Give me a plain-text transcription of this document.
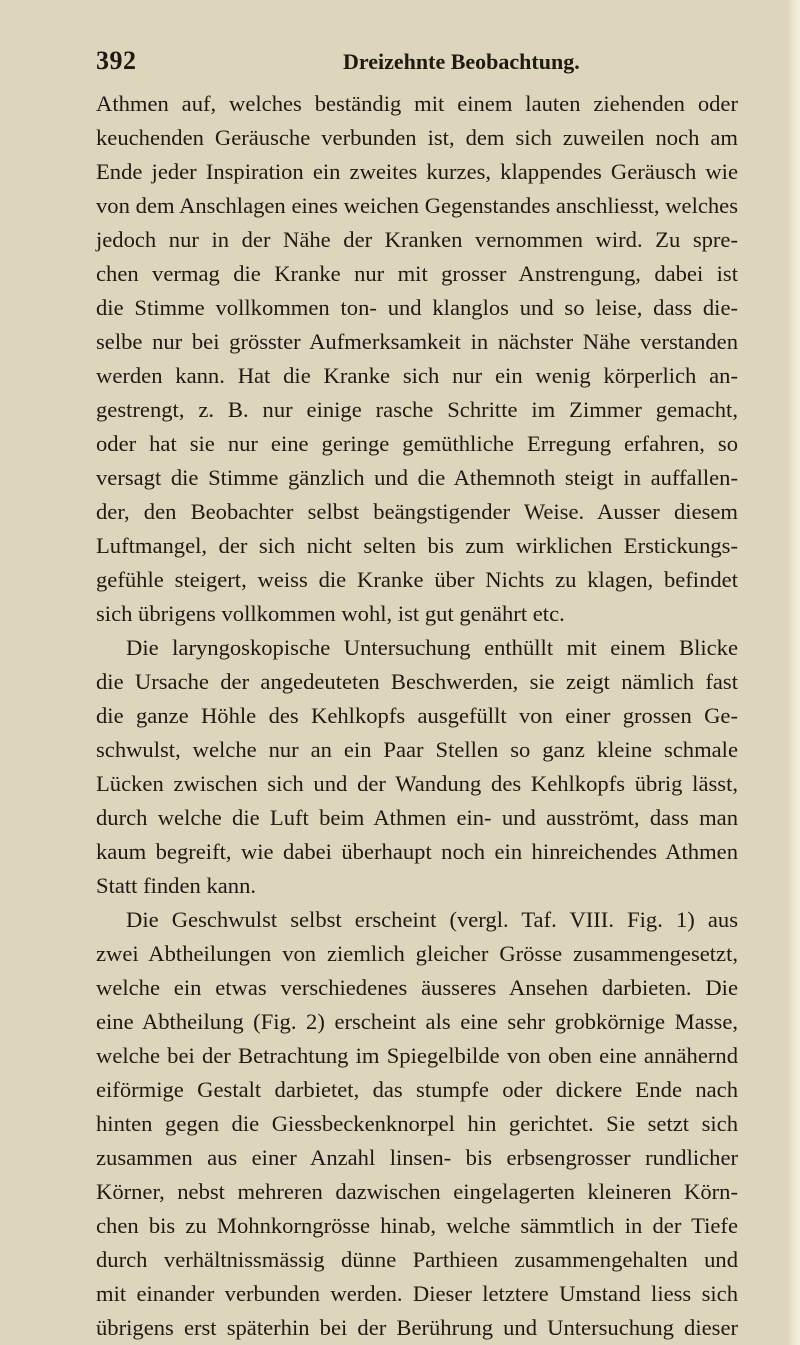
392	Dreizehnte Beobachtung.
Athmen auf, welches beständig mit einem lauten ziehenden oder
keuchenden Geräusche verbunden ist, dem sich zuweilen noch am
Ende jeder Inspiration ein zweites kurzes, klappendes Geräusch wie
von dem Anschlagen eines weichen Gegenstandes anschliesst, welches
jedoch nur in der Nähe der Kranken vernommen wird. Zu spre-
chen vermag die Kranke nur mit grosser Anstrengung, dabei ist
die Stimme vollkommen ton- und klanglos und so leise, dass die-
selbe nur bei grösster Aufmerksamkeit in nächster Nähe verstanden
werden kann. Hat die Kranke sich nur ein wenig körperlich an-
gestrengt, z. B. nur einige rasche Schritte im Zimmer gemacht,
oder hat sie nur eine geringe gemüthliche Erregung erfahren, so
versagt die Stimme gänzlich und die Athemnoth steigt in auffallen-
der, den Beobachter selbst beängstigender Weise. Ausser diesem
Luftmangel, der sich nicht selten bis zum wirklichen Erstickungs-
gefühle steigert, weiss die Kranke über Nichts zu klagen, befindet
sich übrigens vollkommen wohl, ist gut genährt etc.
Die laryngoskopische Untersuchung enthüllt mit einem Blicke
die Ursache der angedeuteten Beschwerden, sie zeigt nämlich fast
die ganze Höhle des Kehlkopfs ausgefüllt von einer grossen Ge-
schwulst, welche nur an ein Paar Stellen so ganz kleine schmale
Lücken zwischen sich und der Wandung des Kehlkopfs übrig lässt,
durch welche die Luft beim Athmen ein- und ausströmt, dass man
kaum begreift, wie dabei überhaupt noch ein hinreichendes Athmen
Statt finden kann.
Die Geschwulst selbst erscheint (vergl. Taf. VIII. Fig. 1) aus
zwei Abtheilungen von ziemlich gleicher Grösse zusammengesetzt,
welche ein etwas verschiedenes äusseres Ansehen darbieten. Die
eine Abtheilung (Fig. 2) erscheint als eine sehr grobkörnige Masse,
welche bei der Betrachtung im Spiegelbilde von oben eine annähernd
eiförmige Gestalt darbietet, das stumpfe oder dickere Ende nach
hinten gegen die Giessbeckenknorpel hin gerichtet. Sie setzt sich
zusammen aus einer Anzahl linsen- bis erbsengrosser rundlicher
Körner, nebst mehreren dazwischen eingelagerten kleineren Körn-
chen bis zu Mohnkorngrösse hinab, welche sämmtlich in der Tiefe
durch verhältnissmässig dünne Parthieen zusammengehalten und
mit einander verbunden werden. Dieser letztere Umstand liess sich
übrigens erst späterhin bei der Berührung und Untersuchung dieser
